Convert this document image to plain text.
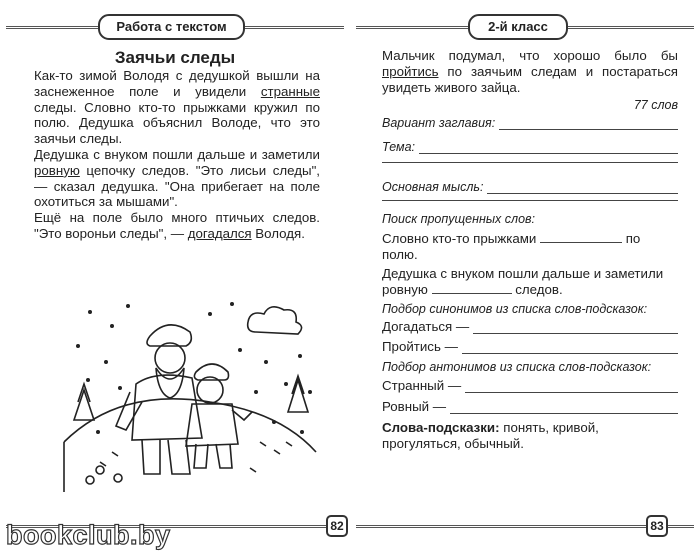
Работа с текстом
Заячьи следы

Как-то зимой Володя с дедушкой вышли на заснеженное поле и увидели странные следы. Словно кто-то прыжками кружил по полю. Дедушка объяснил Володе, что это заячьи следы.

Дедушка с внуком пошли дальше и заметили ровную цепочку следов. "Это лисьи следы", — сказал дедушка. "Она прибегает на поле охотиться за мышами".

Ещё на поле было много птичьих следов. "Это вороньи следы", — догадался Володя.

82
2-й класс
Мальчик подумал, что хорошо было бы пройтись по заячьим следам и постараться увидеть живого зайца.
77 слов
Вариант заглавия:
Тема:
Основная мысль:
Поиск пропущенных слов:
Словно кто-то прыжками	по
полю.
Дедушка с внуком пошли дальше и заметили ровную	следов.
Подбор синонимов из списка слов-подсказок:
Догадаться —
Пройтись —
Подбор антонимов из списка слов-подсказок:
Странный —
Ровный —
Слова-подсказки: понять, кривой, прогуляться, обычный.
83
bookclub.by
